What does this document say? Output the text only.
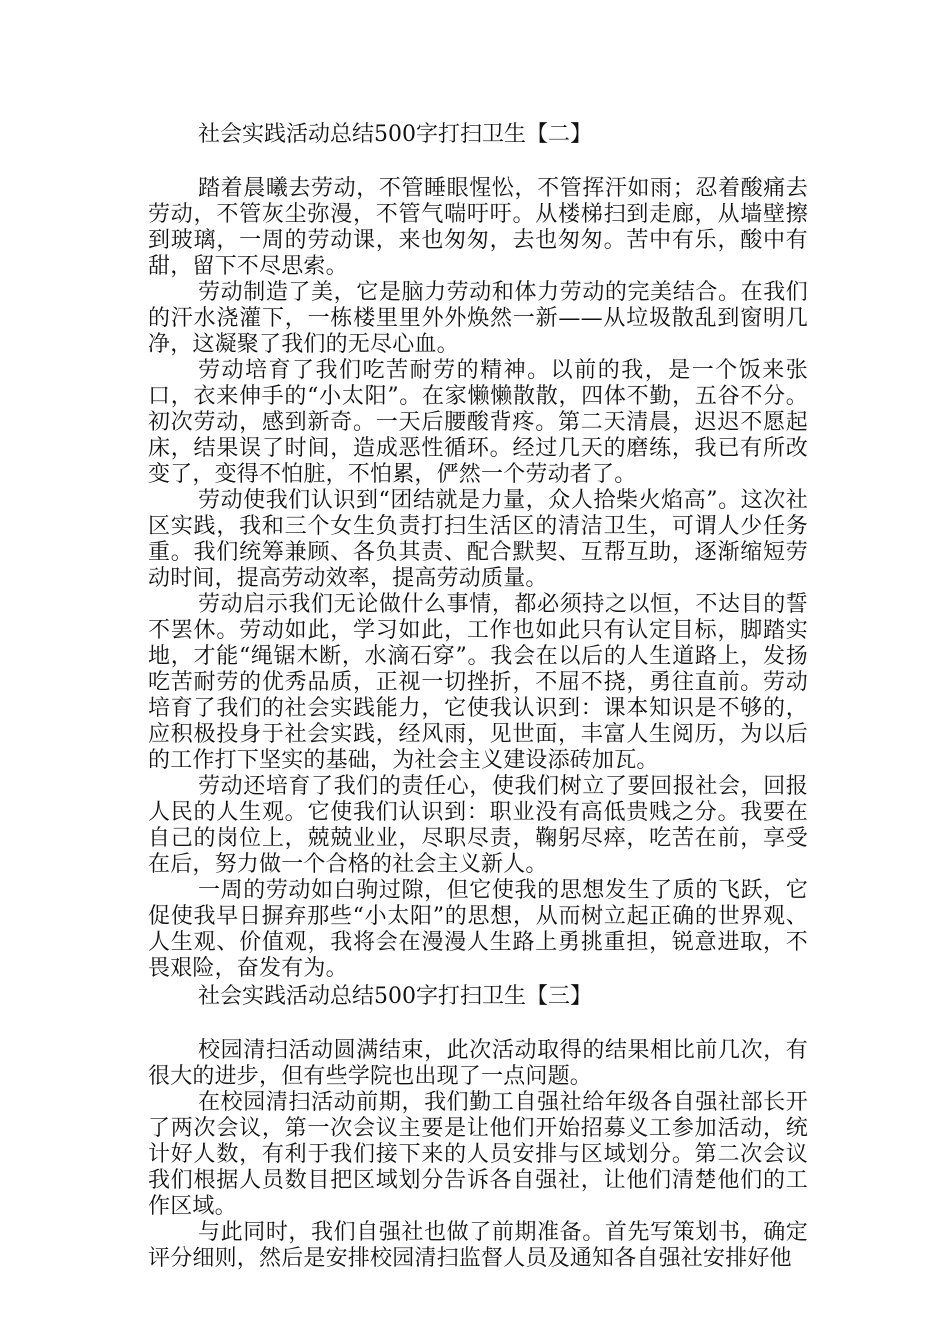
社会实践活动总结500字打扫卫生【二】

踏着晨曦去劳动，不管睡眼惺忪，不管挥汗如雨；忍着酸痛去劳动，不管灰尘弥漫，不管气喘吁吁。从楼梯扫到走廊，从墙壁擦到玻璃，一周的劳动课，来也匆匆，去也匆匆。苦中有乐，酸中有甜，留下不尽思索。

劳动制造了美，它是脑力劳动和体力劳动的完美结合。在我们的汗水浇灌下，一栋楼里里外外焕然一新——从垃圾散乱到窗明几净，这凝聚了我们的无尽心血。

劳动培育了我们吃苦耐劳的精神。以前的我，是一个饭来张口，衣来伸手的“小太阳”。在家懒懒散散，四体不勤，五谷不分。初次劳动，感到新奇。一天后腰酸背疼。第二天清晨，迟迟不愿起床，结果误了时间，造成恶性循环。经过几天的磨练，我已有所改变了，变得不怕脏，不怕累，俨然一个劳动者了。

劳动使我们认识到“团结就是力量，众人拾柴火焰高”。这次社区实践，我和三个女生负责打扫生活区的清洁卫生，可谓人少任务重。我们统筹兼顾、各负其责、配合默契、互帮互助，逐渐缩短劳动时间，提高劳动效率，提高劳动质量。

劳动启示我们无论做什么事情，都必须持之以恒，不达目的誓不罢休。劳动如此，学习如此，工作也如此只有认定目标，脚踏实地，才能“绳锯木断，水滴石穿”。我会在以后的人生道路上，发扬吃苦耐劳的优秀品质，正视一切挫折，不屈不挠，勇往直前。劳动培育了我们的社会实践能力，它使我认识到：课本知识是不够的，应积极投身于社会实践，经风雨，见世面，丰富人生阅历，为以后的工作打下坚实的基础，为社会主义建设添砖加瓦。

劳动还培育了我们的责任心，使我们树立了要回报社会，回报人民的人生观。它使我们认识到：职业没有高低贵贱之分。我要在自己的岗位上，兢兢业业，尽职尽责，鞠躬尽瘁，吃苦在前，享受在后，努力做一个合格的社会主义新人。

一周的劳动如白驹过隙，但它使我的思想发生了质的飞跃，它促使我早日摒弃那些“小太阳”的思想，从而树立起正确的世界观、人生观、价值观，我将会在漫漫人生路上勇挑重担，锐意进取，不畏艰险，奋发有为。

社会实践活动总结500字打扫卫生【三】

校园清扫活动圆满结束，此次活动取得的结果相比前几次，有很大的进步，但有些学院也出现了一点问题。

在校园清扫活动前期，我们勤工自强社给年级各自强社部长开了两次会议，第一次会议主要是让他们开始招募义工参加活动，统计好人数，有利于我们接下来的人员安排与区域划分。第二次会议我们根据人员数目把区域划分告诉各自强社，让他们清楚他们的工作区域。

与此同时，我们自强社也做了前期准备。首先写策划书，确定评分细则，然后是安排校园清扫监督人员及通知各自强社安排好他
